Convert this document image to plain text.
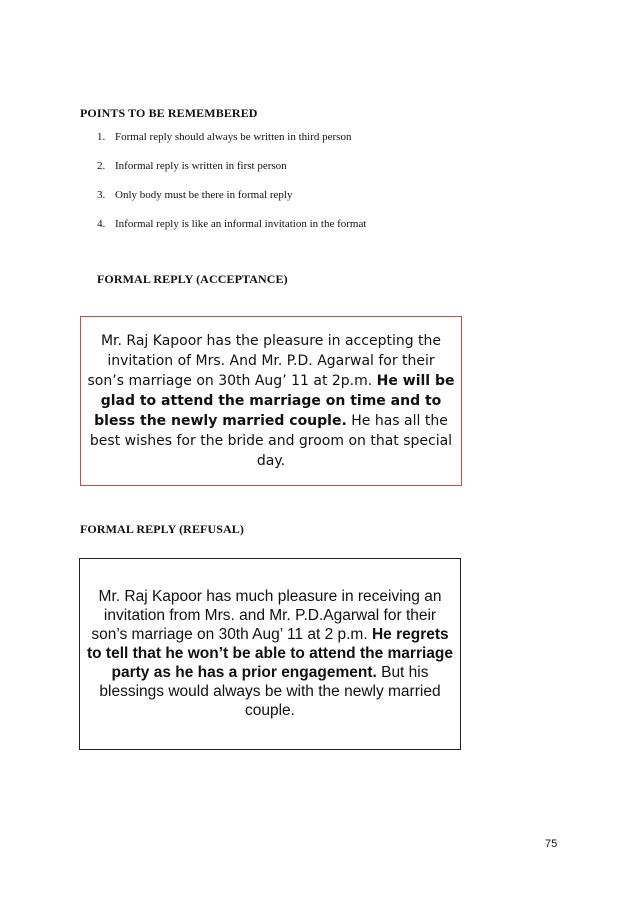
POINTS TO BE REMEMBERED
1. Formal reply should always be written in third person
2. Informal reply is written in first person
3. Only body must be there in formal reply
4. Informal reply is like an informal invitation in the format
FORMAL REPLY (ACCEPTANCE)

Mr. Raj Kapoor has the pleasure in accepting the invitation of Mrs. And Mr. P.D. Agarwal for their son’s marriage on 30th Aug’ 11 at 2p.m. He will be glad to attend the marriage on time and to bless the newly married couple. He has all the best wishes for the bride and groom on that special day.

FORMAL REPLY (REFUSAL)

Mr. Raj Kapoor has much pleasure in receiving an invitation from Mrs. and Mr. P.D.Agarwal for their son’s marriage on 30th Aug’ 11 at 2 p.m. He regrets to tell that he won’t be able to attend the marriage party as he has a prior engagement. But his blessings would always be with the newly married couple.

75
